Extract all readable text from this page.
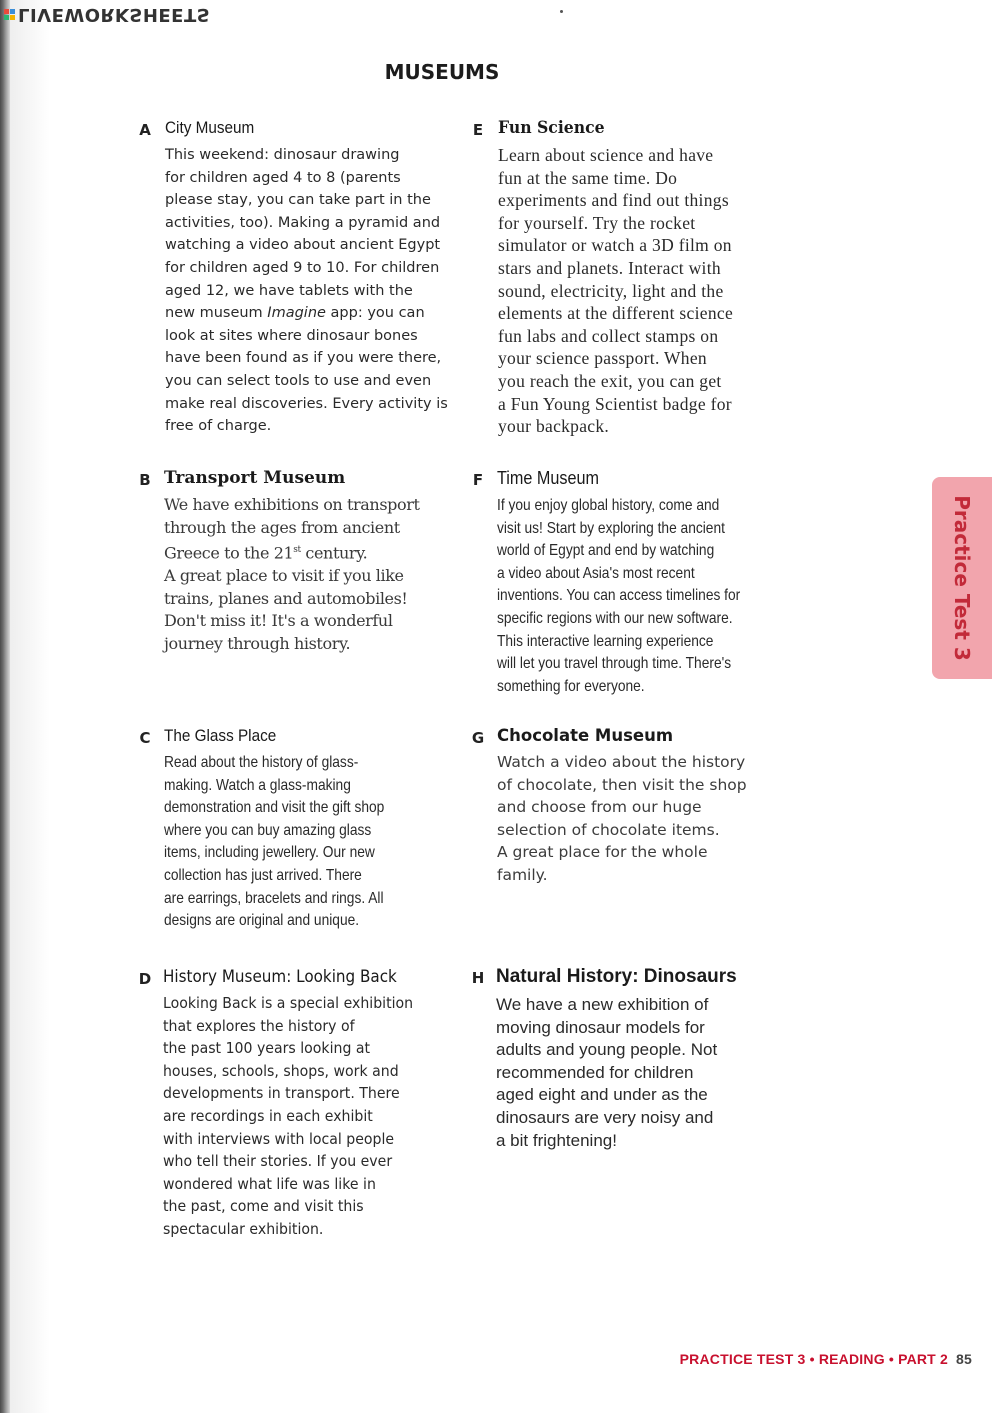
LIVEWORKSHEETS
MUSEUMS
A City Museum

This weekend: dinosaur drawing

for children aged 4 to 8 (parents

please stay, you can take part in the

activities, too). Making a pyramid and

watching a video about ancient Egypt

for children aged 9 to 10. For children

aged 12, we have tablets with the

new museum Imagine app: you can

look at sites where dinosaur bones

have been found as if you were there,

you can select tools to use and even

make real discoveries. Every activity is

free of charge.

B Transport Museum

We have exhibitions on transport

through the ages from ancient

Greece to the 21st century.

A great place to visit if you like

trains, planes and automobiles!

Don't miss it! It's a wonderful

journey through history.

C The Glass Place

Read about the history of glass-

making. Watch a glass-making

demonstration and visit the gift shop

where you can buy amazing glass

items, including jewellery. Our new

collection has just arrived. There

are earrings, bracelets and rings. All

designs are original and unique.

D History Museum: Looking Back

Looking Back is a special exhibition

that explores the history of

the past 100 years looking at

houses, schools, shops, work and

developments in transport. There

are recordings in each exhibit

with interviews with local people

who tell their stories. If you ever

wondered what life was like in

the past, come and visit this

spectacular exhibition.

E Fun Science

Learn about science and have

fun at the same time. Do

experiments and find out things

for yourself. Try the rocket

simulator or watch a 3D film on

stars and planets. Interact with

sound, electricity, light and the

elements at the different science

fun labs and collect stamps on

your science passport. When

you reach the exit, you can get

a Fun Young Scientist badge for

your backpack.

F Time Museum

If you enjoy global history, come and

visit us! Start by exploring the ancient

world of Egypt and end by watching

a video about Asia's most recent

inventions. You can access timelines for

specific regions with our new software.

This interactive learning experience

will let you travel through time. There's

something for everyone.

G Chocolate Museum

Watch a video about the history

of chocolate, then visit the shop

and choose from our huge

selection of chocolate items.

A great place for the whole

family.

H Natural History: Dinosaurs

We have a new exhibition of

moving dinosaur models for

adults and young people. Not

recommended for children

aged eight and under as the

dinosaurs are very noisy and

a bit frightening!

Practice Test 3
PRACTICE TEST 3 • READING • PART 2 85
